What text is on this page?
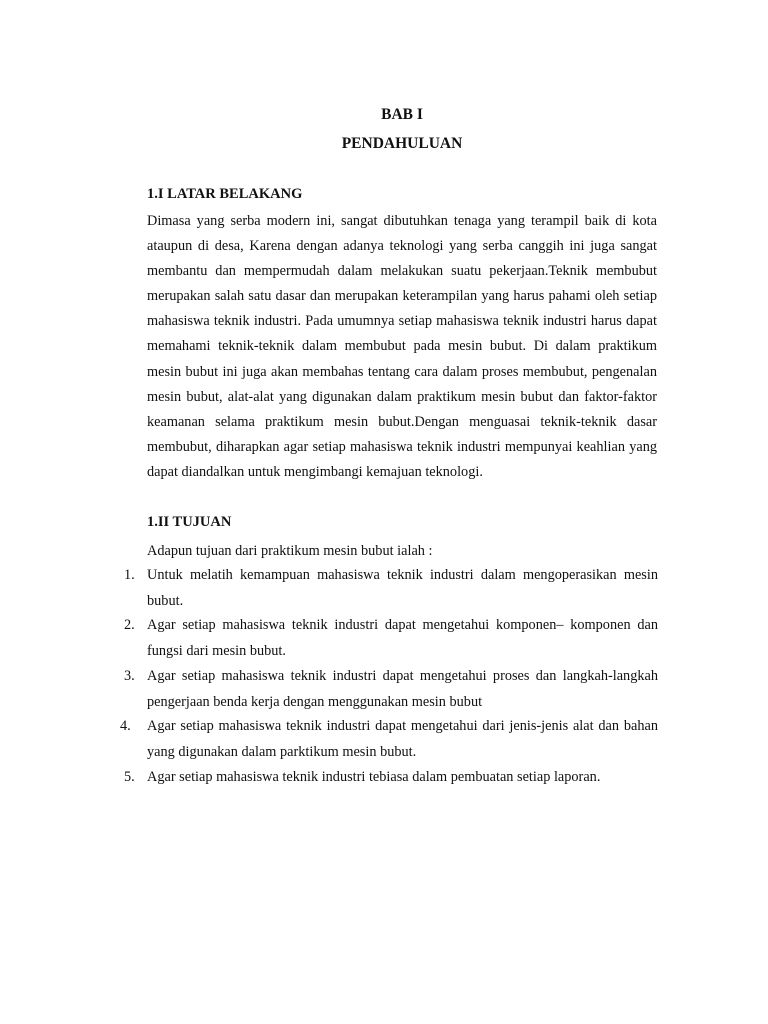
BAB I
PENDAHULUAN
1.I LATAR BELAKANG

Dimasa yang serba modern ini, sangat dibutuhkan tenaga yang terampil baik di kota ataupun di desa, Karena dengan adanya teknologi yang serba canggih ini juga sangat membantu dan mempermudah dalam melakukan suatu pekerjaan.Teknik membubut merupakan salah satu dasar dan merupakan keterampilan yang harus pahami oleh setiap mahasiswa teknik industri. Pada umumnya setiap mahasiswa teknik industri harus dapat memahami teknik-teknik dalam membubut pada mesin bubut. Di dalam praktikum mesin bubut ini juga akan membahas tentang cara dalam proses membubut, pengenalan mesin bubut, alat-alat yang digunakan dalam praktikum mesin bubut dan faktor-faktor keamanan selama praktikum mesin bubut.Dengan menguasai teknik-teknik dasar membubut, diharapkan agar setiap mahasiswa teknik industri mempunyai keahlian yang dapat diandalkan untuk mengimbangi kemajuan teknologi.

1.II TUJUAN

Adapun tujuan dari praktikum mesin bubut ialah :

1. Untuk melatih kemampuan mahasiswa teknik industri dalam mengoperasikan mesin bubut.
2. Agar setiap mahasiswa teknik industri dapat mengetahui komponen– komponen dan fungsi dari mesin bubut.
3. Agar setiap mahasiswa teknik industri dapat mengetahui proses dan langkah-langkah pengerjaan benda kerja dengan menggunakan mesin bubut
4. Agar setiap mahasiswa teknik industri dapat mengetahui dari jenis-jenis alat dan bahan yang digunakan dalam parktikum mesin bubut.
5. Agar setiap mahasiswa teknik industri tebiasa dalam pembuatan setiap laporan.
